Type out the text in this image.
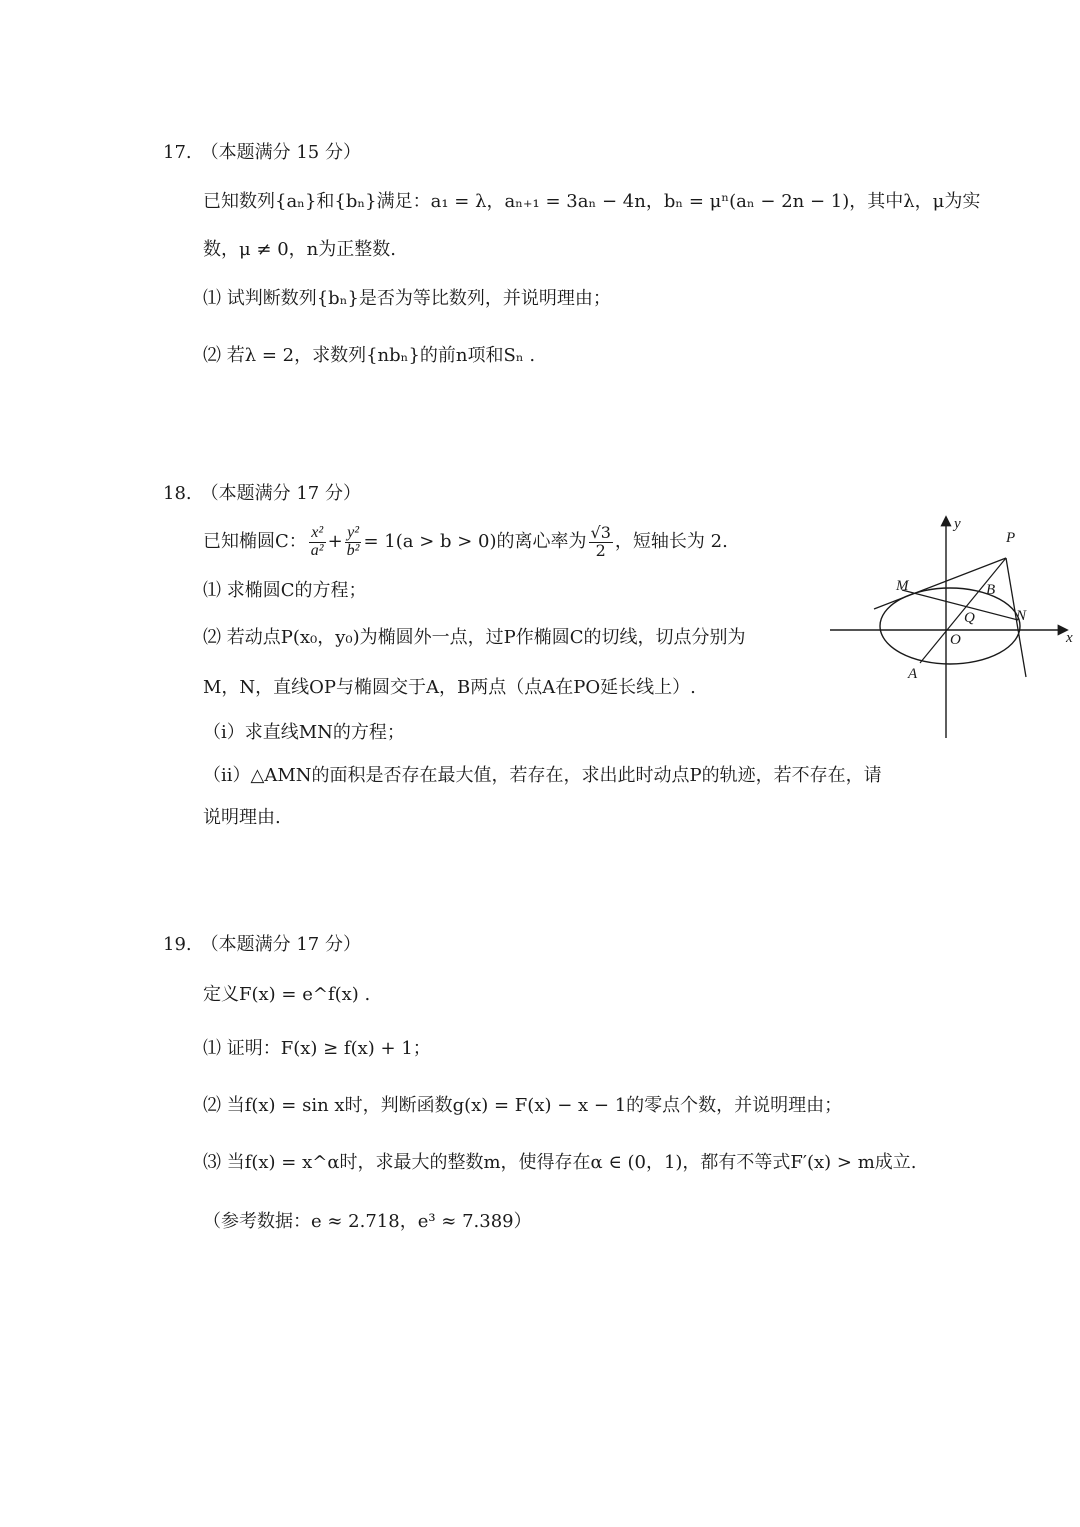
17.　（本题满分 15 分）
已知数列{aₙ}和{bₙ}满足：a₁ = λ，aₙ₊₁ = 3aₙ − 4n，bₙ = μⁿ(aₙ − 2n − 1)，其中λ，μ为实
数，μ ≠ 0，n为正整数.
⑴ 试判断数列{bₙ}是否为等比数列，并说明理由；
⑵ 若λ = 2，求数列{nbₙ}的前n项和Sₙ .
18.　（本题满分 17 分）
已知椭圆C： $\frac{\text{x²}}{\text{a²}} + \frac{\text{y²}}{\text{b²}} = 1(a > b > 0)$的离心率为 $\frac{√3}{2}$ ，短轴长为 2.
⑴ 求椭圆C的方程；
⑵ 若动点P(x₀，y₀)为椭圆外一点，过P作椭圆C的切线，切点分别为
M，N，直线OP与椭圆交于A，B两点（点A在PO延长线上）.
（i）求直线MN的方程；
（ii）△AMN的面积是否存在最大值，若存在，求出此时动点P的轨迹，若不存在，请
说明理由.
y
x
P
M	B
Q	N
O
A
19.　（本题满分 17 分）
定义F(x) = e^f(x) .
⑴ 证明：F(x) ≥ f(x) + 1；
⑵ 当f(x) = sin x时，判断函数g(x) = F(x) − x − 1的零点个数，并说明理由；
⑶ 当f(x) = x^α时，求最大的整数m，使得存在α ∈ (0，1)，都有不等式F′(x) > m成立.
（参考数据：e ≈ 2.718，e³ ≈ 7.389）
